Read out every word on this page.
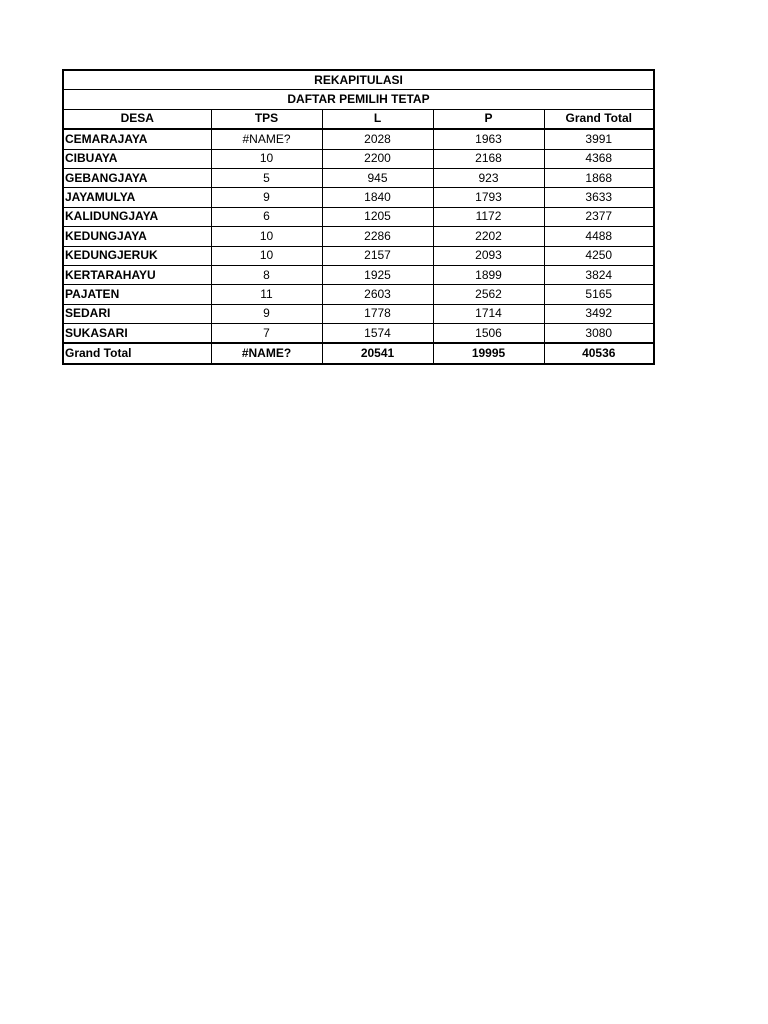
REKAPITULASI				
DAFTAR PEMILIH TETAP				
DESA	TPS	L	P	Grand Total
CEMARAJAYA	#NAME?	2028	1963	3991
CIBUAYA	10	2200	2168	4368
GEBANGJAYA	5	945	923	1868
JAYAMULYA	9	1840	1793	3633
KALIDUNGJAYA	6	1205	1172	2377
KEDUNGJAYA	10	2286	2202	4488
KEDUNGJERUK	10	2157	2093	4250
KERTARAHAYU	8	1925	1899	3824
PAJATEN	11	2603	2562	5165
SEDARI	9	1778	1714	3492
SUKASARI	7	1574	1506	3080
Grand Total	#NAME?	20541	19995	40536
